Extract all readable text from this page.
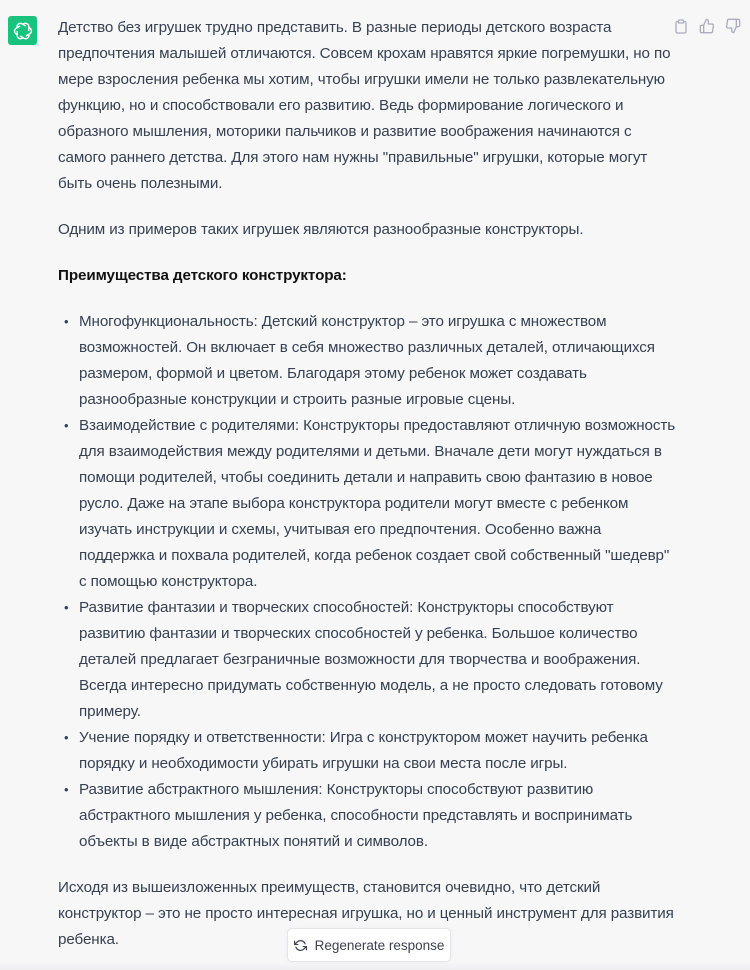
Детство без игрушек трудно представить. В разные периоды детского возраста предпочтения малышей отличаются. Совсем крохам нравятся яркие погремушки, но по мере взросления ребенка мы хотим, чтобы игрушки имели не только развлекательную функцию, но и способствовали его развитию. Ведь формирование логического и образного мышления, моторики пальчиков и развитие воображения начинаются с самого раннего детства. Для этого нам нужны "правильные" игрушки, которые могут быть очень полезными.

Одним из примеров таких игрушек являются разнообразные конструкторы.

Преимущества детского конструктора:

• Многофункциональность: Детский конструктор – это игрушка с множеством возможностей. Он включает в себя множество различных деталей, отличающихся размером, формой и цветом. Благодаря этому ребенок может создавать разнообразные конструкции и строить разные игровые сцены.
• Взаимодействие с родителями: Конструкторы предоставляют отличную возможность для взаимодействия между родителями и детьми. Вначале дети могут нуждаться в помощи родителей, чтобы соединить детали и направить свою фантазию в новое русло. Даже на этапе выбора конструктора родители могут вместе с ребенком изучать инструкции и схемы, учитывая его предпочтения. Особенно важна поддержка и похвала родителей, когда ребенок создает свой собственный "шедевр" с помощью конструктора.
• Развитие фантазии и творческих способностей: Конструкторы способствуют развитию фантазии и творческих способностей у ребенка. Большое количество деталей предлагает безграничные возможности для творчества и воображения. Всегда интересно придумать собственную модель, а не просто следовать готовому примеру.
• Учение порядку и ответственности: Игра с конструктором может научить ребенка порядку и необходимости убирать игрушки на свои места после игры.
• Развитие абстрактного мышления: Конструкторы способствуют развитию абстрактного мышления у ребенка, способности представлять и воспринимать объекты в виде абстрактных понятий и символов.

Исходя из вышеизложенных преимуществ, становится очевидно, что детский конструктор – это не просто интересная игрушка, но и ценный инструмент для развития ребенка.	Regenerate response
